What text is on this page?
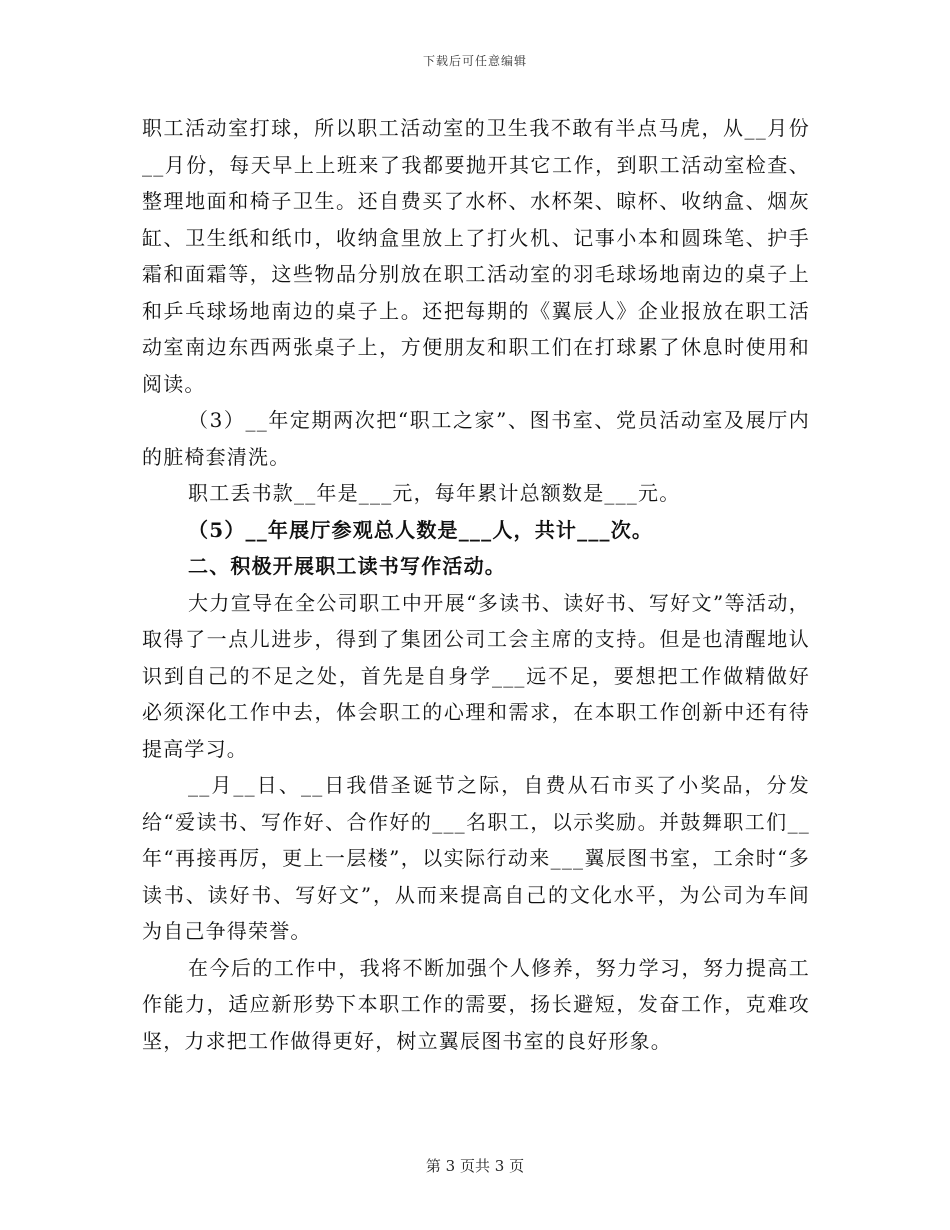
下载后可任意编辑

职工活动室打球，所以职工活动室的卫生我不敢有半点马虎，从__月份__月份，每天早上上班来了我都要抛开其它工作，到职工活动室检查、整理地面和椅子卫生。还自费买了水杯、水杯架、晾杯、收纳盒、烟灰缸、卫生纸和纸巾，收纳盒里放上了打火机、记事小本和圆珠笔、护手霜和面霜等，这些物品分别放在职工活动室的羽毛球场地南边的桌子上和乒乓球场地南边的桌子上。还把每期的《翼辰人》企业报放在职工活动室南边东西两张桌子上，方便朋友和职工们在打球累了休息时使用和阅读。

（3）__年定期两次把“职工之家”、图书室、党员活动室及展厅内的脏椅套清洗。

职工丢书款__年是___元，每年累计总额数是___元。

（5）__年展厅参观总人数是___人，共计___次。

二、积极开展职工读书写作活动。

大力宣导在全公司职工中开展“多读书、读好书、写好文”等活动，取得了一点儿进步，得到了集团公司工会主席的支持。但是也清醒地认识到自己的不足之处，首先是自身学___远不足，要想把工作做精做好必须深化工作中去，体会职工的心理和需求，在本职工作创新中还有待提高学习。

__月__日、__日我借圣诞节之际，自费从石市买了小奖品，分发给“爱读书、写作好、合作好的___名职工，以示奖励。并鼓舞职工们__年“再接再厉，更上一层楼”，以实际行动来___翼辰图书室，工余时“多读书、读好书、写好文”，从而来提高自己的文化水平，为公司为车间为自己争得荣誉。

在今后的工作中，我将不断加强个人修养，努力学习，努力提高工作能力，适应新形势下本职工作的需要，扬长避短，发奋工作，克难攻坚，力求把工作做得更好，树立翼辰图书室的良好形象。

第 3 页共 3 页
